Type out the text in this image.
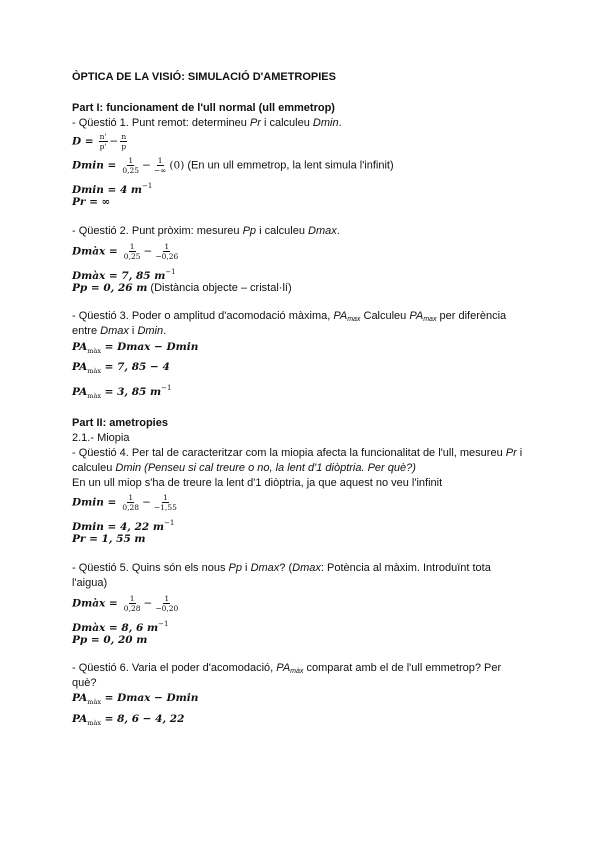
ÒPTICA DE LA VISIÓ: SIMULACIÓ D'AMETROPIES
Part I: funcionament de l'ull normal (ull emmetrop)
- Qüestió 1. Punt remot: determineu Pr i calculeu Dmin.
$D = \frac{n'}{p'} - \frac{n}{p}$
$Dmin = \frac{1}{0,25} - \frac{1}{-\infty} (0)$ (En un ull emmetrop, la lent simula l'infinit)
Dmin = 4 $m^{-1}$
Pr = ∞
- Qüestió 2. Punt pròxim: mesureu Pp i calculeu Dmax.
Dmàx = $\frac{1}{0,25} - \frac{1}{-0,26}$
Dmàx = 7, 85 $m^{-1}$
Pp = 0, 26 m (Distància objecte – cristal·lí)
- Qüestió 3. Poder o amplitud d'acomodació màxima, PAmax Calculeu PAmax per diferència
entre Dmax i Dmin.
$PA_{màx} = Dmax - Dmin$
$PA_{màx} = 7$, 85 − 4
$PA_{màx} = 3$, 85 $m^{-1}$
Part II: ametropies
2.1.- Miopia
- Qüestió 4. Per tal de caracteritzar com la miopia afecta la funcionalitat de l'ull, mesureu Pr i
calculeu Dmin (Penseu si cal treure o no, la lent d'1 diòptria. Per què?)
En un ull miop s'ha de treure la lent d'1 diòptria, ja que aquest no veu l'infinit
$Dmin = \frac{1}{0,28} - \frac{1}{-1,55}$
Dmin = 4, 22 $m^{-1}$
Pr = 1, 55 m
- Qüestió 5. Quins són els nous Pp i Dmax? (Dmax: Potència al màxim. Introduïnt tota
l'aigua)
Dmàx = $\frac{1}{0,28} - \frac{1}{-0,20}$
Dmàx = 8, 6 $m^{-1}$
Pp = 0, 20 m
- Qüestió 6. Varia el poder d'acomodació, PAmàx comparat amb el de l'ull emmetrop? Per
què?
$PA_{màx} = Dmax - Dmin$
$PA_{màx} = 8$, 6 − 4, 22
